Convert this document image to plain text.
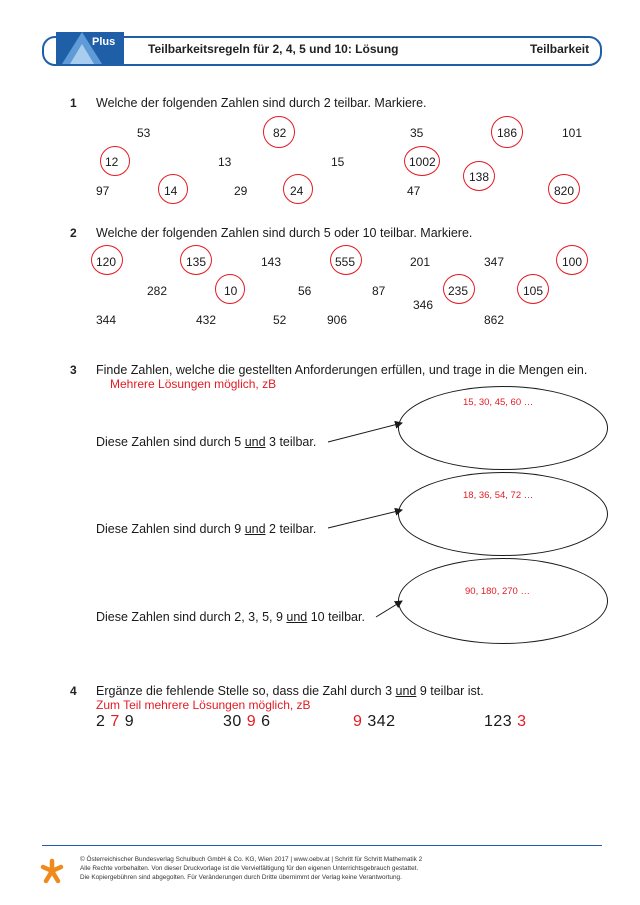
Plus	Teilbarkeitsregeln für 2, 4, 5 und 10: Lösung	Teilbarkeit
1 Welche der folgenden Zahlen sind durch 2 teilbar. Markiere.
53	82	35	186	101
12	13	15	1002
138
97	14	29	24	47	820
2 Welche der folgenden Zahlen sind durch 5 oder 10 teilbar. Markiere.
120	135	143	555	201	347	100
282	10	56	87	235	105
346
344	432	52	906	862
3 Finde Zahlen, welche die gestellten Anforderungen erfüllen, und trage in die Mengen ein.
Mehrere Lösungen möglich, zB
15, 30, 45, 60 …
Diese Zahlen sind durch 5 und 3 teilbar.
18, 36, 54, 72 …
Diese Zahlen sind durch 9 und 2 teilbar.
90, 180, 270 …
Diese Zahlen sind durch 2, 3, 5, 9 und 10 teilbar.
4 Ergänze die fehlende Stelle so, dass die Zahl durch 3 und 9 teilbar ist.
Zum Teil mehrere Lösungen möglich, zB
2 7 9	30 9 6	9 342	123 3
© Österreichischer Bundesverlag Schulbuch GmbH & Co. KG, Wien 2017 | www.oebv.at | Schritt für Schritt Mathematik 2
Alle Rechte vorbehalten. Von dieser Druckvorlage ist die Vervielfältigung für den eigenen Unterrichtsgebrauch gestattet.
Die Kopiergebühren sind abgegolten. Für Veränderungen durch Dritte übernimmt der Verlag keine Verantwortung.
